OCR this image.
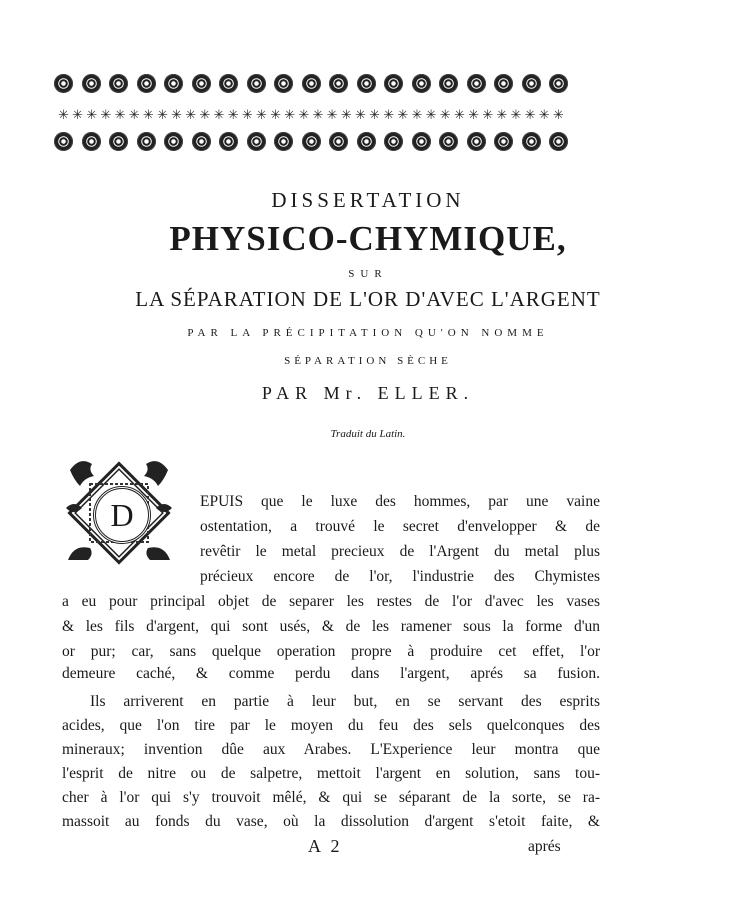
✳ ✳ ✳ ✳ ✳ ✳ ✳ ✳ ✳ ✳ ✳ ✳ ✳ ✳ ✳ ✳ ✳ ✳ ✳ ✳ ✳ ✳ ✳ ✳ ✳ ✳ ✳ ✳ ✳ ✳ ✳ ✳ ✳ ✳ ✳ ✳
DISSERTATION
PHYSICO-CHYMIQUE,
SUR
LA SÉPARATION DE L'OR D'AVEC L'ARGENT
PAR LA PRÉCIPITATION QU'ON NOMME
SÉPARATION SÈCHE
PAR Mr. ELLER.
Traduit du Latin.
D	EPUIS que le luxe des hommes, par une vaine
ostentation, a trouvé le secret d'envelopper & de
revêtir le metal precieux de l'Argent du metal plus
précieux encore de l'or, l'industrie des Chymistes
a eu pour principal objet de separer les restes de l'or d'avec les vases
& les fils d'argent, qui sont usés, & de les ramener sous la forme d'un
or pur; car, sans quelque operation propre à produire cet effet, l'or
demeure caché, & comme perdu dans l'argent, aprés sa fusion.
Ils arriverent en partie à leur but, en se servant des esprits
acides, que l'on tire par le moyen du feu des sels quelconques des
mineraux; invention dûe aux Arabes. L'Experience leur montra que
l'esprit de nitre ou de salpetre, mettoit l'argent en solution, sans tou-
cher à l'or qui s'y trouvoit mêlé, & qui se séparant de la sorte, se ra-
massoit au fonds du vase, où la dissolution d'argent s'etoit faite, &
A 2	aprés
